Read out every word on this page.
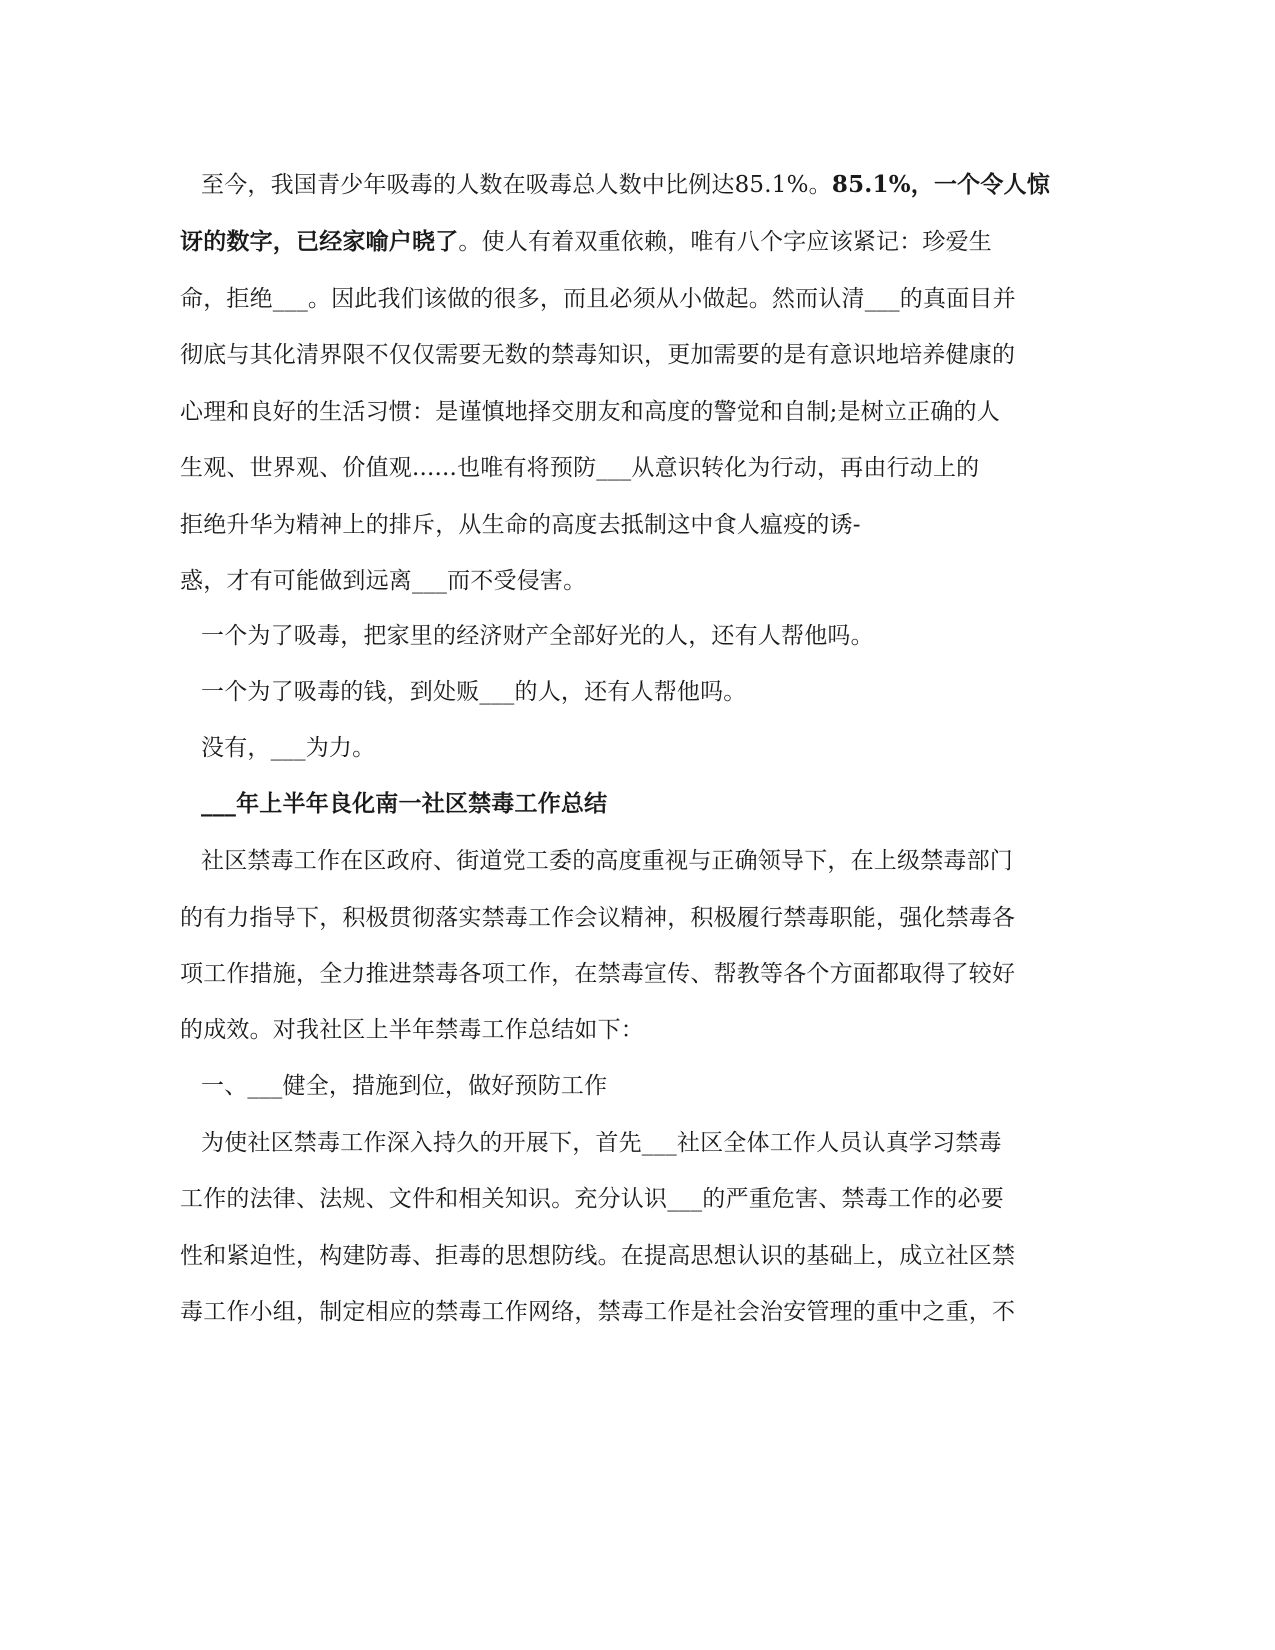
至今，我国青少年吸毒的人数在吸毒总人数中比例达85.1%。85.1%，一个令人惊
讶的数字，已经家喻户晓了。使人有着双重依赖，唯有八个字应该紧记：珍爱生
命，拒绝___。因此我们该做的很多，而且必须从小做起。然而认清___的真面目并
彻底与其化清界限不仅仅需要无数的禁毒知识，更加需要的是有意识地培养健康的
心理和良好的生活习惯：是谨慎地择交朋友和高度的警觉和自制;是树立正确的人
生观、世界观、价值观......也唯有将预防___从意识转化为行动，再由行动上的
拒绝升华为精神上的排斥，从生命的高度去抵制这中食人瘟疫的诱-
惑，才有可能做到远离___而不受侵害。
一个为了吸毒，把家里的经济财产全部好光的人，还有人帮他吗。
一个为了吸毒的钱，到处贩___的人，还有人帮他吗。
没有，___为力。
___年上半年良化南一社区禁毒工作总结
社区禁毒工作在区政府、街道党工委的高度重视与正确领导下，在上级禁毒部门
的有力指导下，积极贯彻落实禁毒工作会议精神，积极履行禁毒职能，强化禁毒各
项工作措施，全力推进禁毒各项工作，在禁毒宣传、帮教等各个方面都取得了较好
的成效。对我社区上半年禁毒工作总结如下：
一、___健全，措施到位，做好预防工作
为使社区禁毒工作深入持久的开展下，首先___社区全体工作人员认真学习禁毒
工作的法律、法规、文件和相关知识。充分认识___的严重危害、禁毒工作的必要
性和紧迫性，构建防毒、拒毒的思想防线。在提高思想认识的基础上，成立社区禁
毒工作小组，制定相应的禁毒工作网络，禁毒工作是社会治安管理的重中之重，不
